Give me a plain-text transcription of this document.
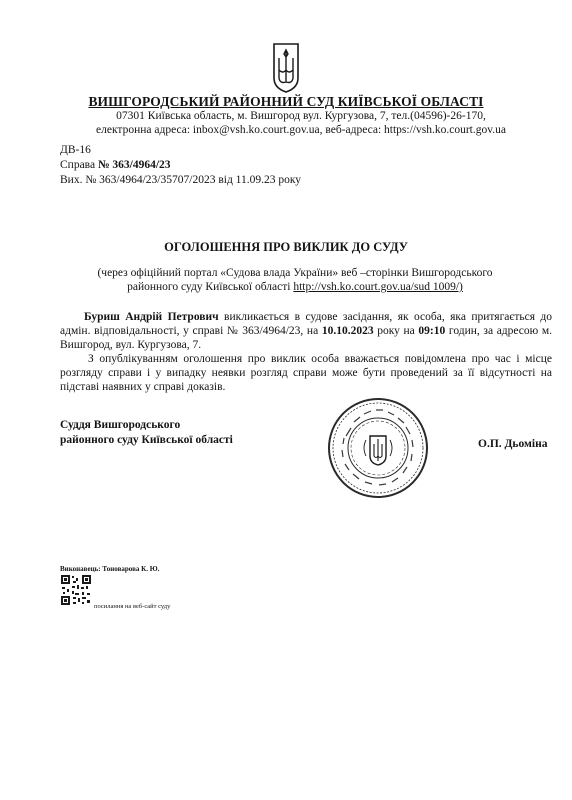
ВИШГОРОДСЬКИЙ РАЙОННИЙ СУД КИЇВСЬКОЇ ОБЛАСТІ
07301 Київська область, м. Вишгород вул. Кургузова, 7, тел.(04596)-26-170,
електронна адреса: inbox@vsh.ko.court.gov.ua, веб-адреса: https://vsh.ko.court.gov.ua
ДВ-16
Справа № 363/4964/23
Вих. № 363/4964/23/35707/2023 від 11.09.23 року
ОГОЛОШЕННЯ ПРО ВИКЛИК ДО СУДУ
(через офіційний портал «Судова влада України» веб –сторінки Вишгородського районного суду Київської області http://vsh.ko.court.gov.ua/sud 1009/)
Буриш Андрій Петрович викликається в судове засідання, як особа, яка притягається до адмін. відповідальності, у справі № 363/4964/23, на 10.10.2023 року на 09:10 годин, за адресою м. Вишгород, вул. Кургузова, 7.
З опублікуванням оголошення про виклик особа вважається повідомлена про час і місце розгляду справи і у випадку неявки розгляд справи може бути проведений за її відсутності на підставі наявних у справі доказів.
Суддя Вишгородського
районного суду Київської області	О.П. Дьоміна
Виконавець: Тоноварова К. Ю.
посилання на веб-сайт суду
